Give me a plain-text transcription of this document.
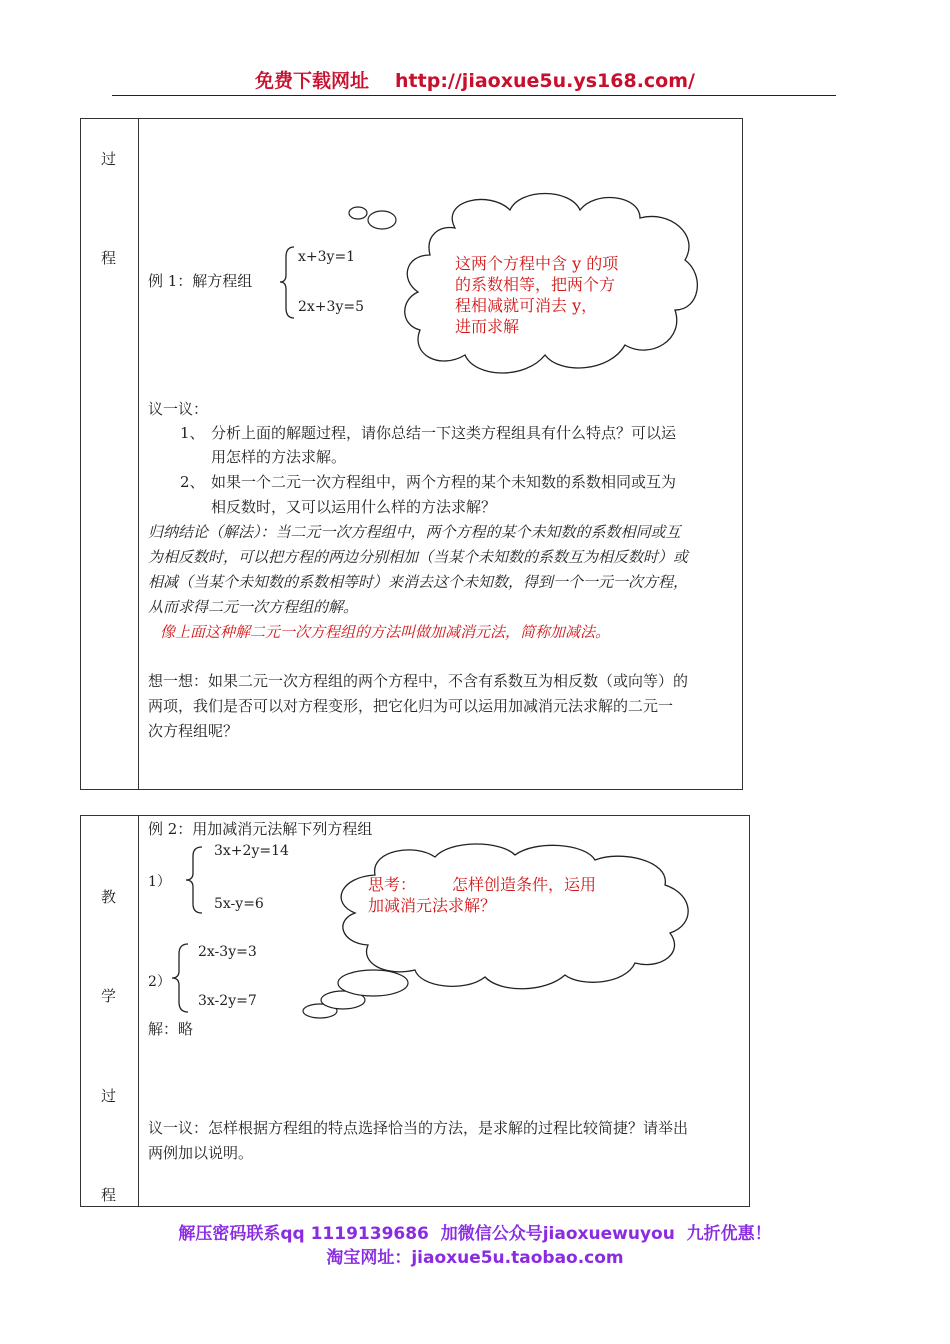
免费下载网址 http://jiaoxue5u.ys168.com/
过
程
例 1：解方程组
x+3y=1
2x+3y=5
这两个方程中含 y 的项
的系数相等，把两个方
程相减就可消去 y，
进而求解
议一议：
1、 分析上面的解题过程，请你总结一下这类方程组具有什么特点？可以运
用怎样的方法求解。
2、 如果一个二元一次方程组中，两个方程的某个未知数的系数相同或互为
相反数时，又可以运用什么样的方法求解？
归纳结论（解法）：当二元一次方程组中，两个方程的某个未知数的系数相同或互
为相反数时，可以把方程的两边分别相加（当某个未知数的系数互为相反数时）或
相减（当某个未知数的系数相等时）来消去这个未知数，得到一个一元一次方程，
从而求得二元一次方程组的解。
像上面这种解二元一次方程组的方法叫做加减消元法，简称加减法。
想一想：如果二元一次方程组的两个方程中，不含有系数互为相反数（或向等）的
两项，我们是否可以对方程变形，把它化归为可以运用加减消元法求解的二元一
次方程组呢？
教
学
过
程
例 2：用加减消元法解下列方程组
1）
3x+2y=14
5x-y=6
2）
2x-3y=3
3x-2y=7
解：略
思考： 怎样创造条件，运用
加减消元法求解？
议一议：怎样根据方程组的特点选择恰当的方法，是求解的过程比较简捷？请举出
两例加以说明。
解压密码联系qq 1119139686 加微信公众号jiaoxuewuyou 九折优惠！
淘宝网址：jiaoxue5u.taobao.com
